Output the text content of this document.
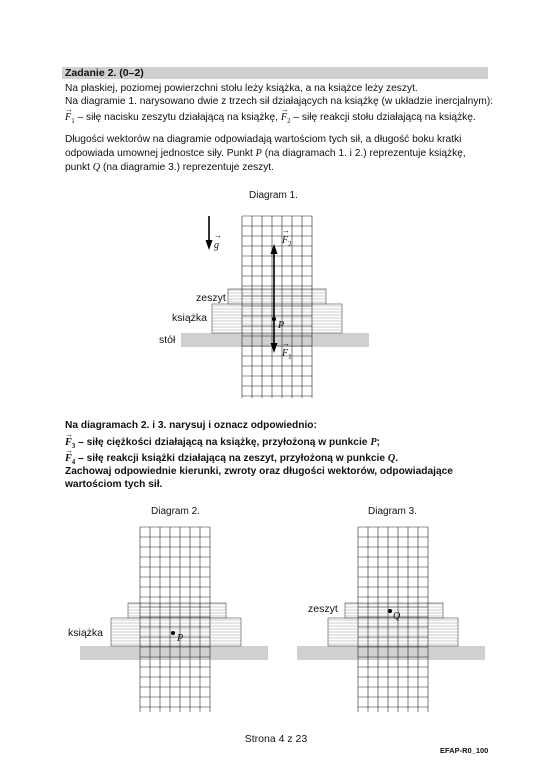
Zadanie 2. (0–2)
Na płaskiej, poziomej powierzchni stołu leży książka, a na książce leży zeszyt.
Na diagramie 1. narysowano dwie z trzech sił działających na książkę (w układzie inercjalnym):
→ $F_1$ – siłę nacisku zeszytu działającą na książkę, → $F_2$ – siłę reakcji stołu działającą na książkę.
Długości wektorów na diagramie odpowiadają wartościom tych sił, a długość boku kratki
odpowiada umownej jednostce siły. Punkt P (na diagramach 1. i 2.) reprezentuje książkę,
punkt Q (na diagramie 3.) reprezentuje zeszyt.
Diagram 1.
→ g
→	$F_2$
→ $F_1$
P
zeszyt
książka
stół
Na diagramach 2. i 3. narysuj i oznacz odpowiednio:
→ $F_3$ – siłę ciężkości działającą na książkę, przyłożoną w punkcie P;
→ $F_4$ – siłę reakcji książki działającą na zeszyt, przyłożoną w punkcie Q.
Zachowaj odpowiednie kierunki, zwroty oraz długości wektorów, odpowiadające
wartościom tych sił.
Diagram 2.
P
książka
Diagram 3.
Q
zeszyt
Strona 4 z 23
EFAP-R0_100
